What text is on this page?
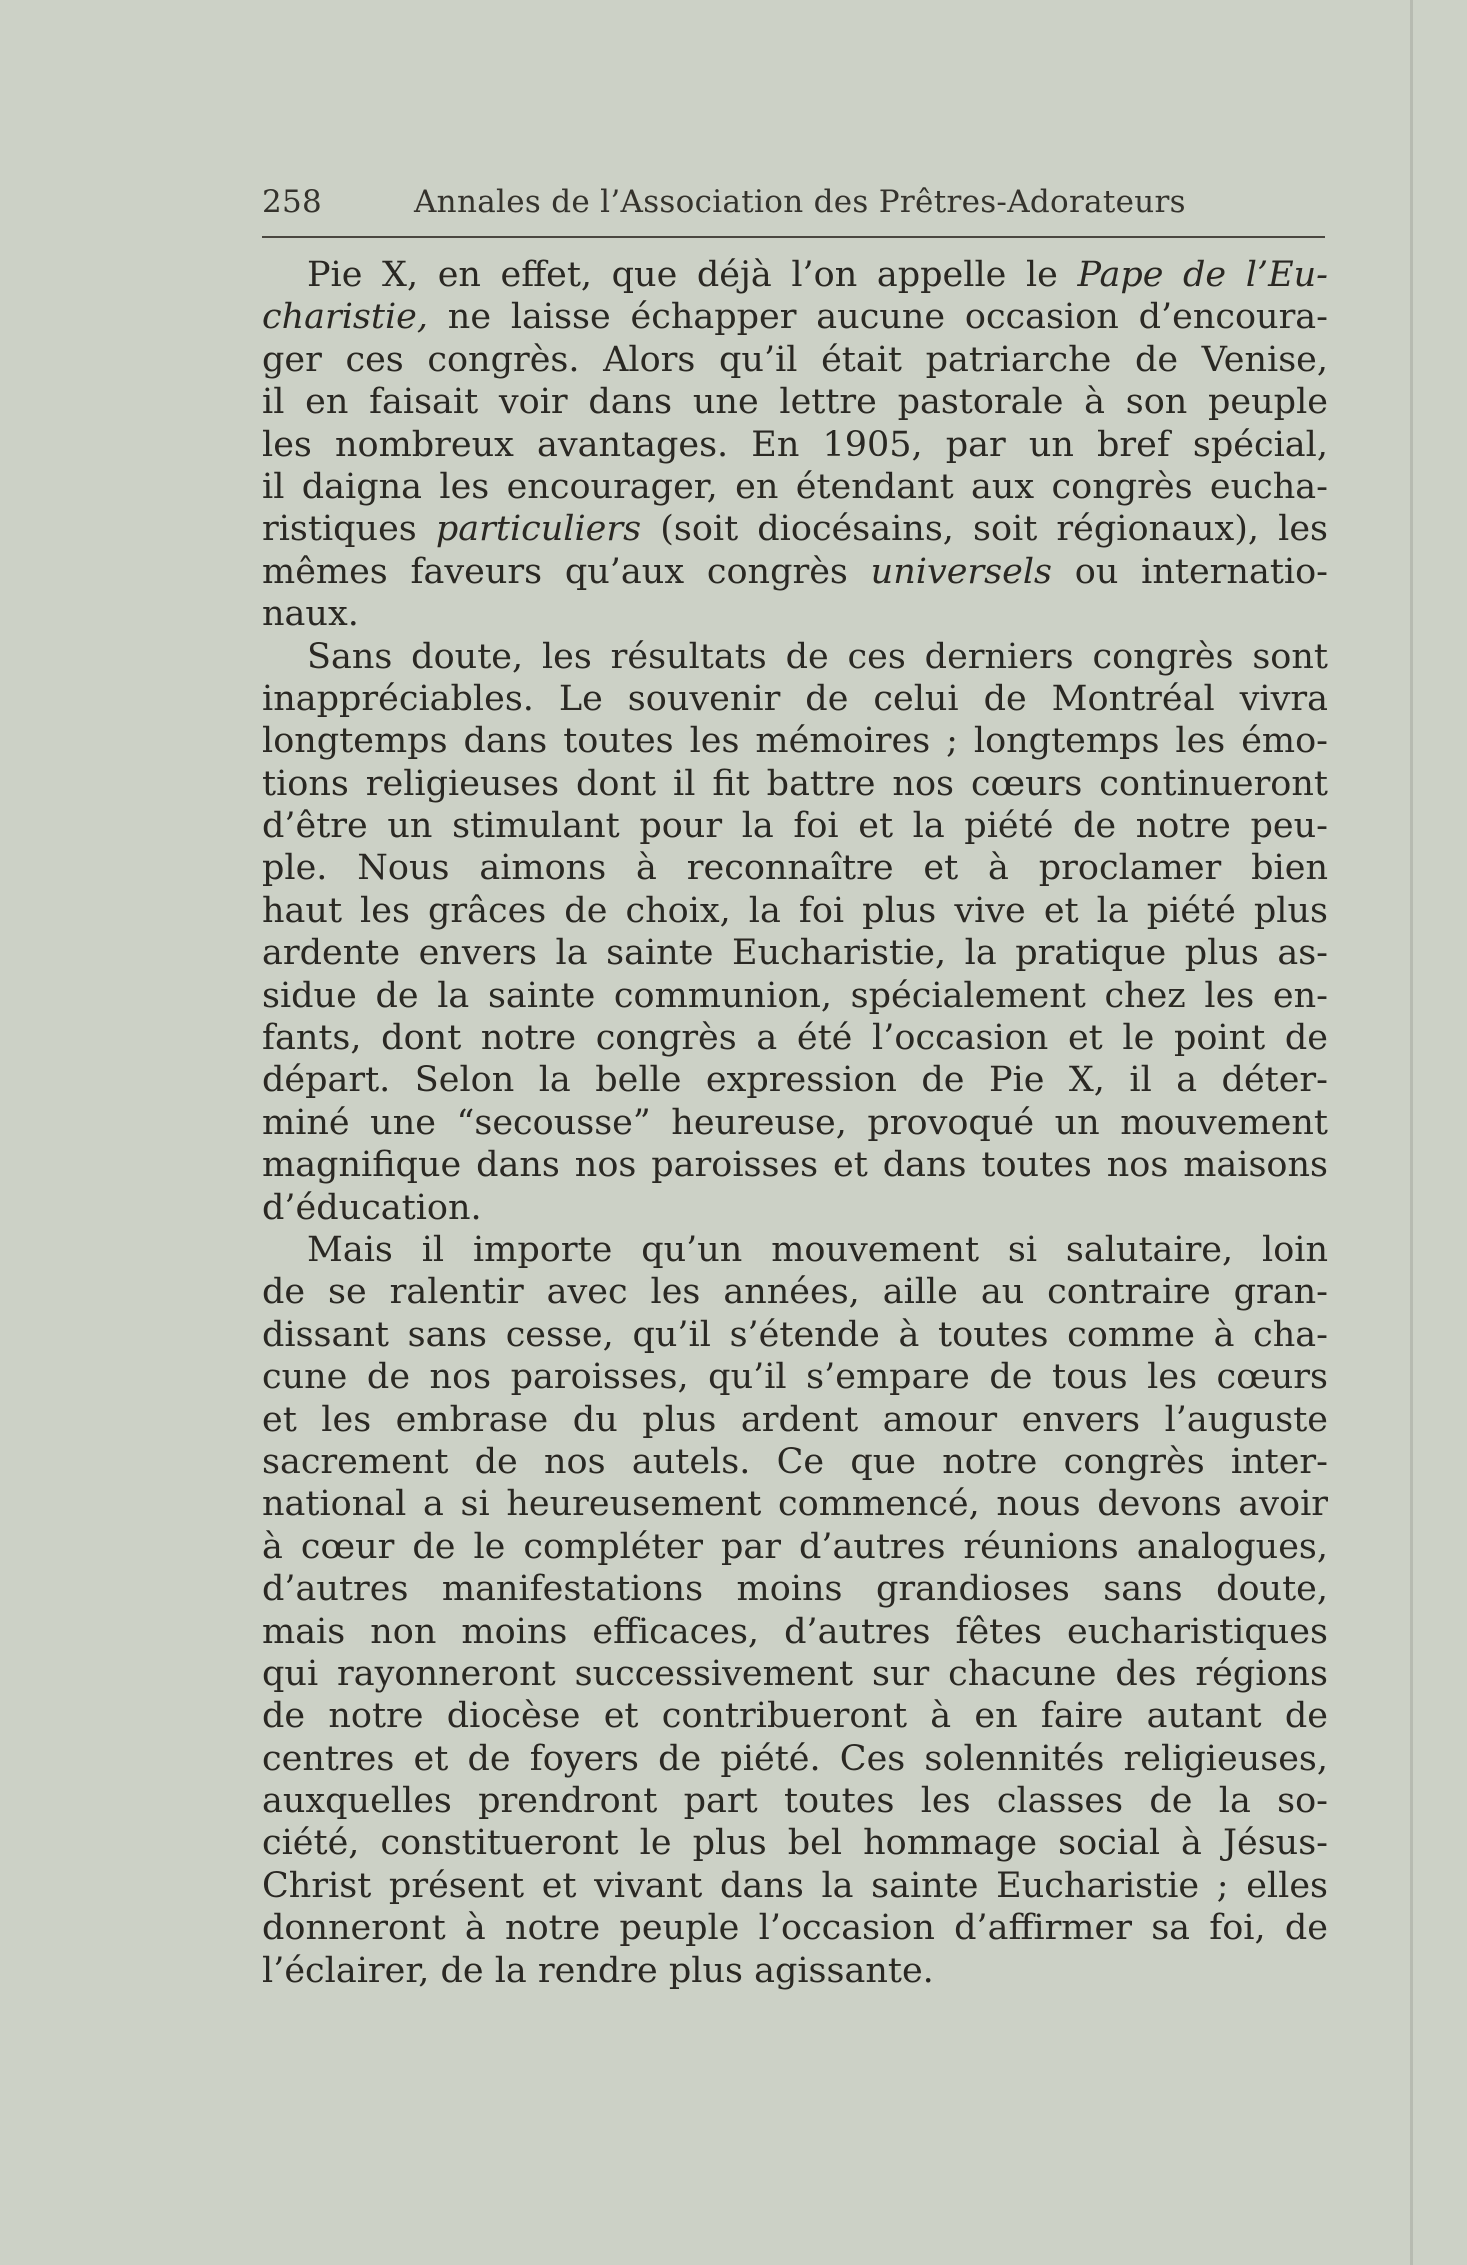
258	Annales de l’Association des Prêtres-Adorateurs
Pie X, en effet, que déjà l’on appelle le Pape de l’Eu-
charistie, ne laisse échapper aucune occasion d’encoura-
ger ces congrès. Alors qu’il était patriarche de Venise,
il en faisait voir dans une lettre pastorale à son peuple
les nombreux avantages. En 1905, par un bref spécial,
il daigna les encourager, en étendant aux congrès eucha-
ristiques particuliers (soit diocésains, soit régionaux), les
mêmes faveurs qu’aux congrès universels ou internatio-
naux.
Sans doute, les résultats de ces derniers congrès sont
inappréciables. Le souvenir de celui de Montréal vivra
longtemps dans toutes les mémoires ; longtemps les émo-
tions religieuses dont il fit battre nos cœurs continueront
d’être un stimulant pour la foi et la piété de notre peu-
ple. Nous aimons à reconnaître et à proclamer bien
haut les grâces de choix, la foi plus vive et la piété plus
ardente envers la sainte Eucharistie, la pratique plus as-
sidue de la sainte communion, spécialement chez les en-
fants, dont notre congrès a été l’occasion et le point de
départ. Selon la belle expression de Pie X, il a déter-
miné une “secousse” heureuse, provoqué un mouvement
magnifique dans nos paroisses et dans toutes nos maisons
d’éducation.
Mais il importe qu’un mouvement si salutaire, loin
de se ralentir avec les années, aille au contraire gran-
dissant sans cesse, qu’il s’étende à toutes comme à cha-
cune de nos paroisses, qu’il s’empare de tous les cœurs
et les embrase du plus ardent amour envers l’auguste
sacrement de nos autels. Ce que notre congrès inter-
national a si heureusement commencé, nous devons avoir
à cœur de le compléter par d’autres réunions analogues,
d’autres manifestations moins grandioses sans doute,
mais non moins efficaces, d’autres fêtes eucharistiques
qui rayonneront successivement sur chacune des régions
de notre diocèse et contribueront à en faire autant de
centres et de foyers de piété. Ces solennités religieuses,
auxquelles prendront part toutes les classes de la so-
ciété, constitueront le plus bel hommage social à Jésus-
Christ présent et vivant dans la sainte Eucharistie ; elles
donneront à notre peuple l’occasion d’affirmer sa foi, de
l’éclairer, de la rendre plus agissante.
